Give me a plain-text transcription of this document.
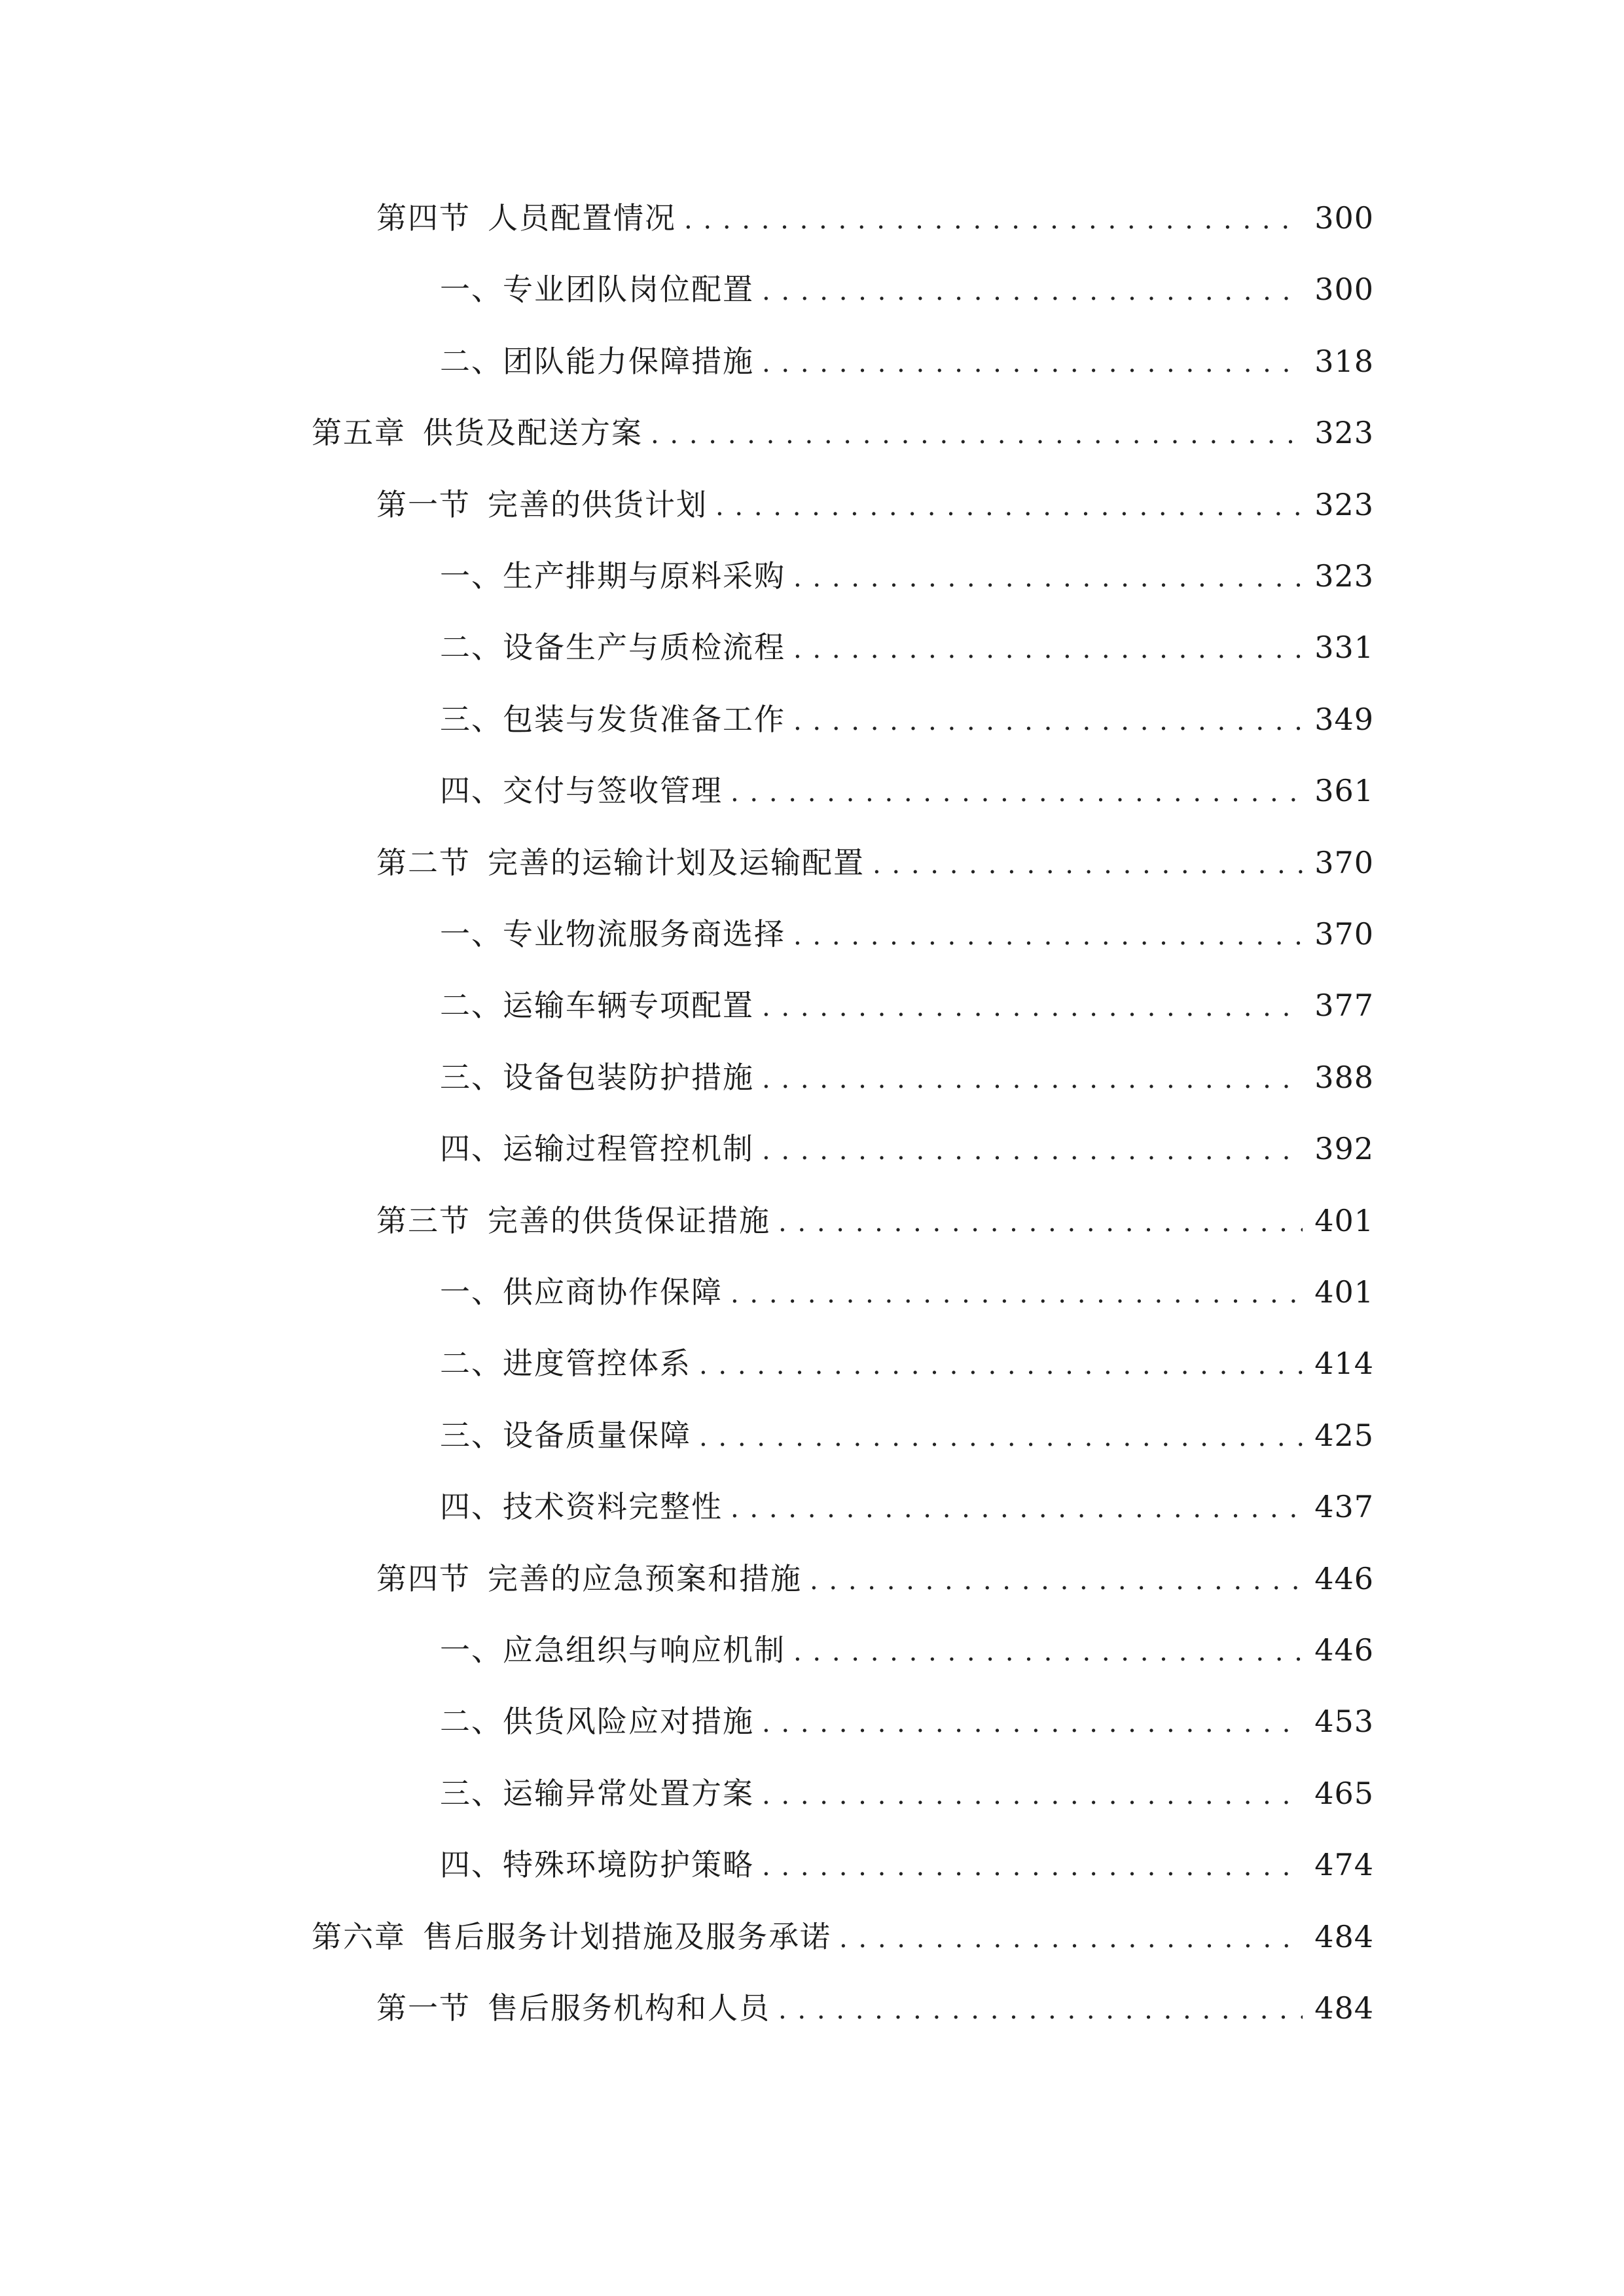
第四节 人员配置情况 . . .	300
一、 专业团队岗位配置 . . .	300
二、 团队能力保障措施 . . .	318
第五章 供货及配送方案 . . .	323
第一节 完善的供货计划 . . .	323
一、 生产排期与原料采购 . . .	323
二、 设备生产与质检流程 . . .	331
三、 包装与发货准备工作 . . .	349
四、 交付与签收管理 . . .	361
第二节 完善的运输计划及运输配置 . . .	370
一、 专业物流服务商选择 . . .	370
二、 运输车辆专项配置 . . .	377
三、 设备包装防护措施 . . .	388
四、 运输过程管控机制 . . .	392
第三节 完善的供货保证措施 . . .	401
一、 供应商协作保障 . . .	401
二、 进度管控体系 . . .	414
三、 设备质量保障 . . .	425
四、 技术资料完整性 . . .	437
第四节 完善的应急预案和措施 . . .	446
一、 应急组织与响应机制 . . .	446
二、 供货风险应对措施 . . .	453
三、 运输异常处置方案 . . .	465
四、 特殊环境防护策略 . . .	474
第六章 售后服务计划措施及服务承诺 . . .	484
第一节 售后服务机构和人员 . . .	484
